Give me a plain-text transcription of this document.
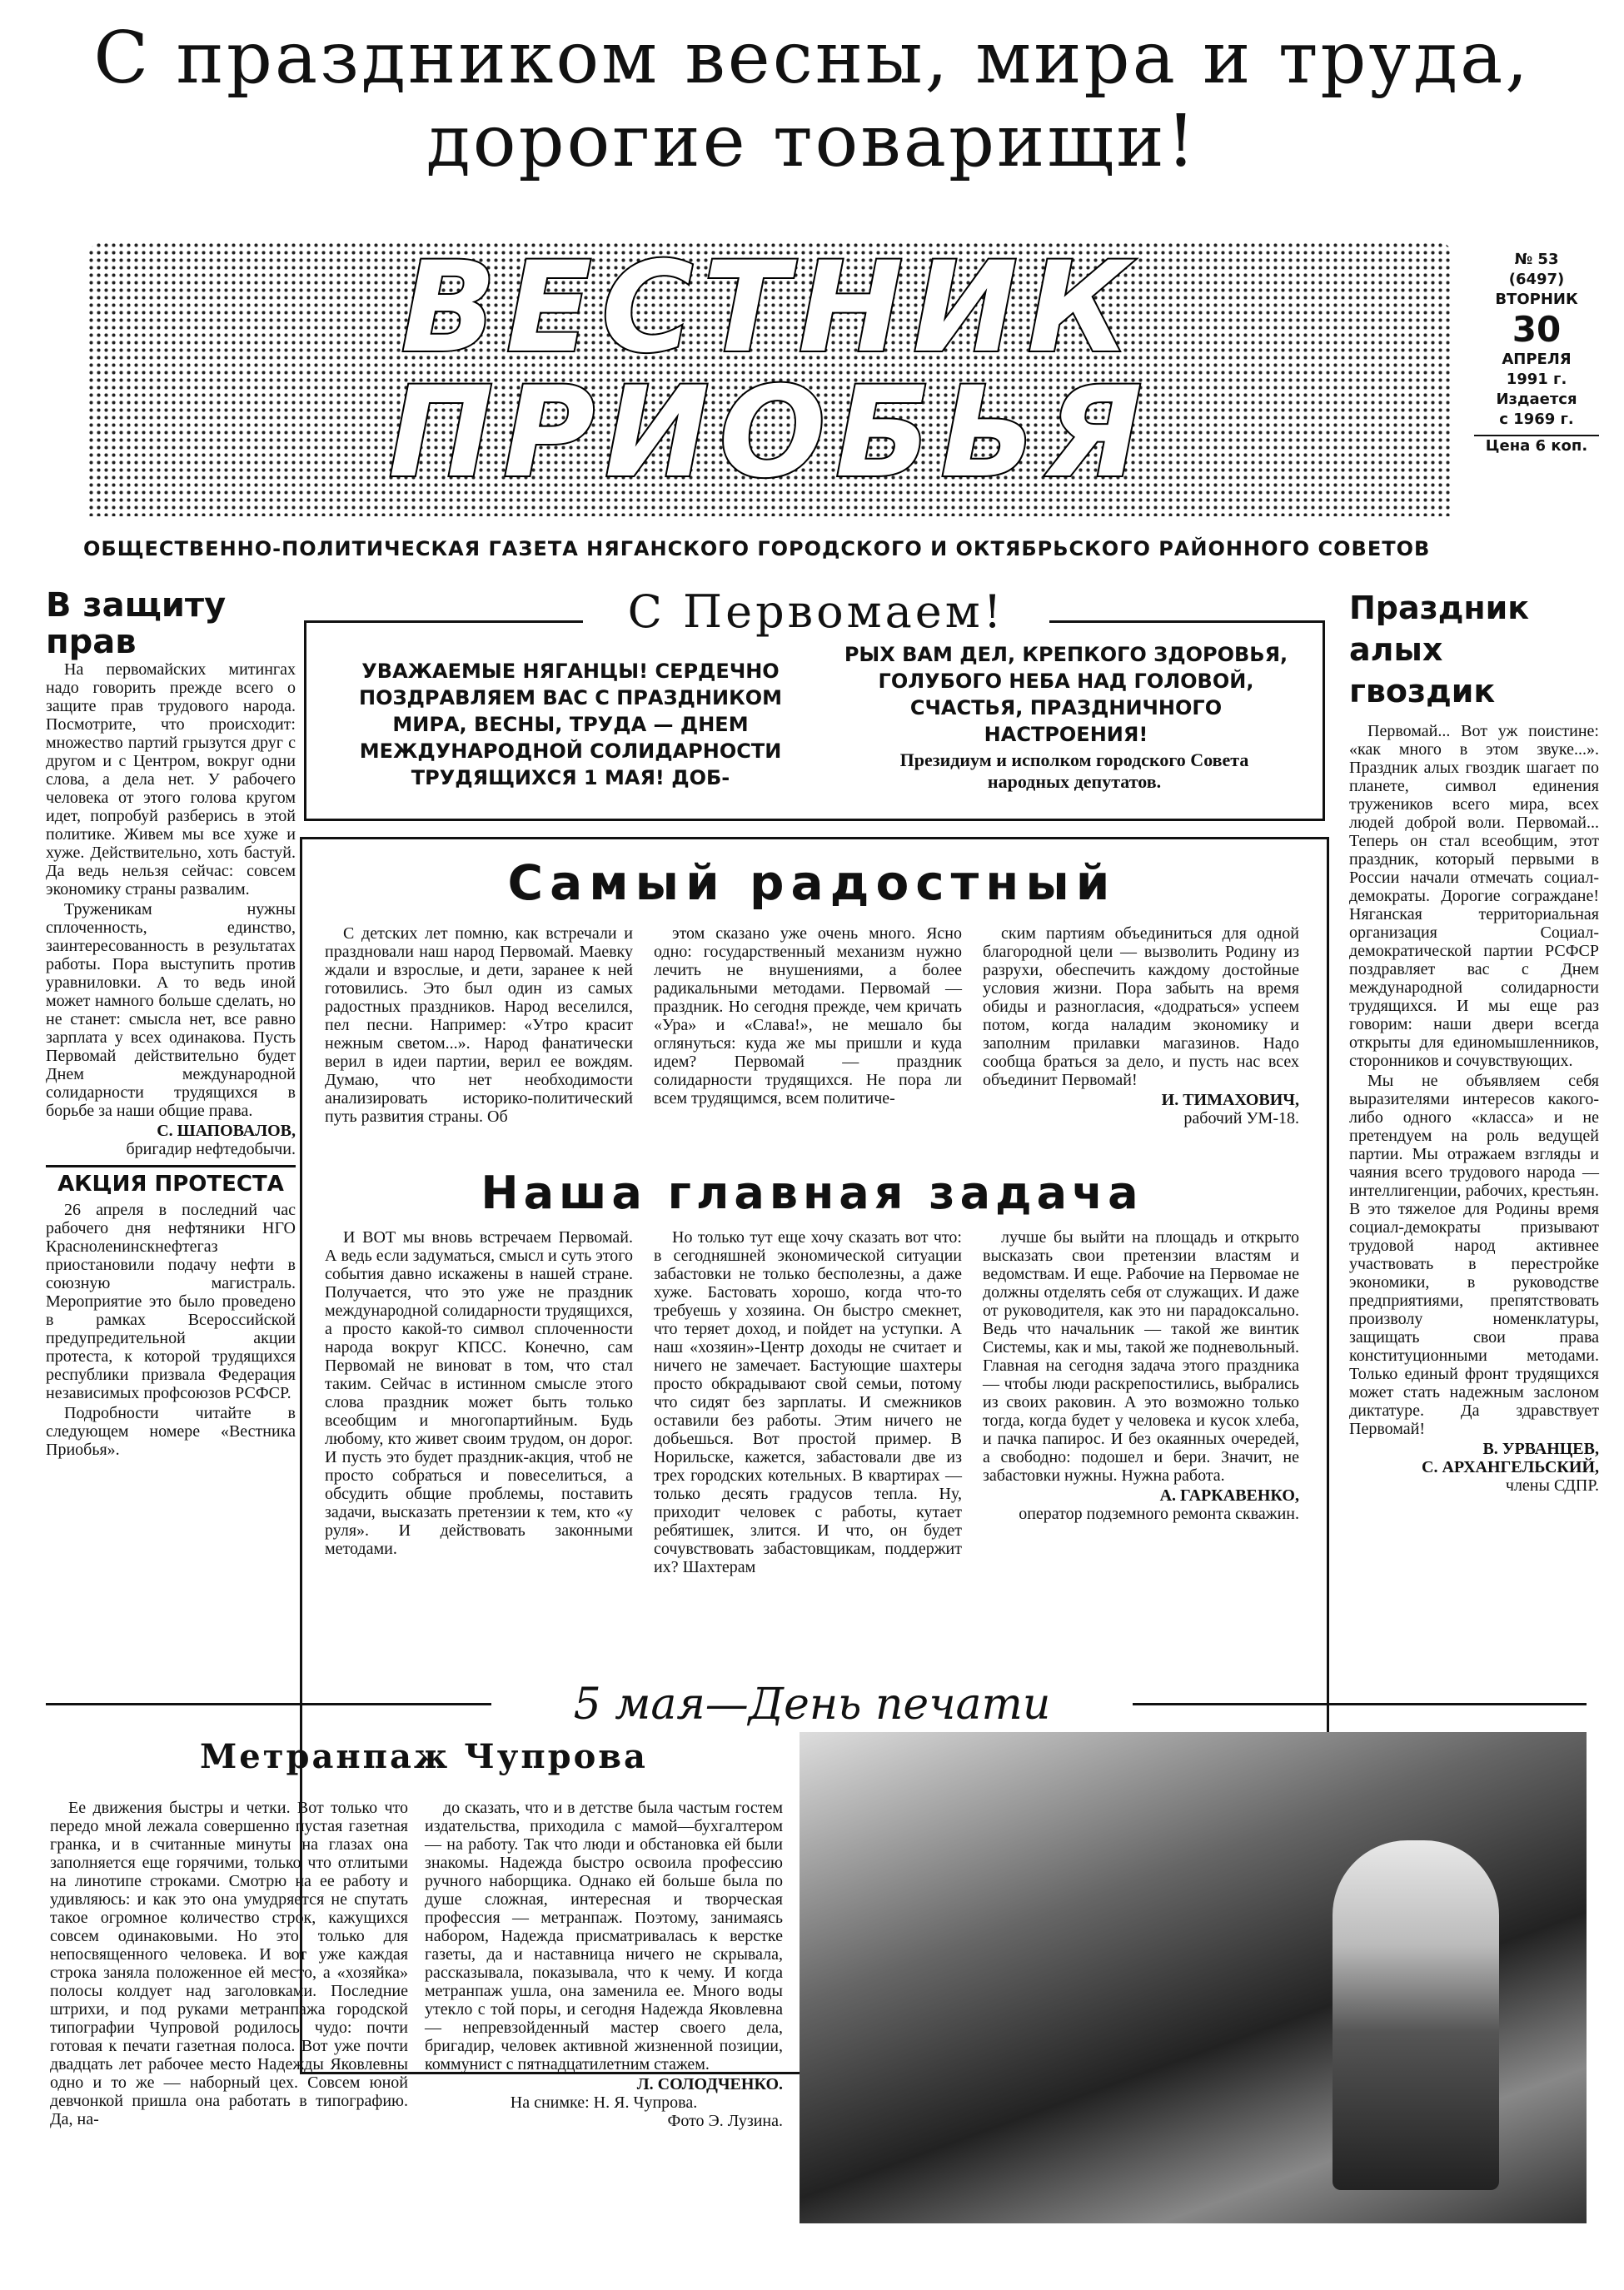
С праздником весны, мира и труда,
дорогие товарищи!
ВЕСТНИК
ПРИОБЬЯ
№ 53
(6497)
ВТОРНИК
30
АПРЕЛЯ
1991 г.
Издается
с 1969 г.
Цена 6 коп.
ОБЩЕСТВЕННО-ПОЛИТИЧЕСКАЯ ГАЗЕТА НЯГАНСКОГО ГОРОДСКОГО И ОКТЯБРЬСКОГО РАЙОННОГО СОВЕТОВ
В защиту прав

На первомайских митингах надо говорить прежде всего о защите прав трудового народа. Посмотрите, что происходит: множество партий грызутся друг с другом и с Центром, вокруг одни слова, а дела нет. У рабочего человека от этого голова кругом идет, попробуй разберись в этой политике. Живем мы все хуже и хуже. Действительно, хоть бастуй. Да ведь нельзя сейчас: совсем экономику страны развалим.

Труженикам нужны сплоченность, единство, заинтересованность в результатах работы. Пора выступить против уравниловки. А то ведь иной может намного больше сделать, но не станет: смысла нет, все равно зарплата у всех одинакова. Пусть Первомай действительно будет Днем международной солидарности трудящихся в борьбе за наши общие права.

С. ШАПОВАЛОВ,
бригадир нефтедобычи.
АКЦИЯ ПРОТЕСТА

26 апреля в последний час рабочего дня нефтяники НГО Красноленинскнефтегаз приостановили подачу нефти в союзную магистраль. Мероприятие это было проведено в рамках Всероссийской предупредительной акции протеста, к которой трудящихся республики призвала Федерация независимых профсоюзов РСФСР.

Подробности читайте в следующем номере «Вестника Приобья».

С Первомаем!
УВАЖАЕМЫЕ НЯГАНЦЫ! СЕРДЕЧНО ПОЗДРАВЛЯЕМ ВАС С ПРАЗДНИКОМ МИРА, ВЕСНЫ, ТРУДА — ДНЕМ МЕЖДУНАРОДНОЙ СОЛИДАРНОСТИ ТРУДЯЩИХСЯ 1 МАЯ! ДОБ-
РЫХ ВАМ ДЕЛ, КРЕПКОГО ЗДОРОВЬЯ, ГОЛУБОГО НЕБА НАД ГОЛОВОЙ, СЧАСТЬЯ, ПРАЗДНИЧНОГО НАСТРОЕНИЯ!
Президиум и исполком городского Совета народных депутатов.
Самый радостный

С детских лет помню, как встречали и праздновали наш народ Первомай. Маевку ждали и взрослые, и дети, заранее к ней готовились. Это был один из самых радостных праздников. Народ веселился, пел песни. Например: «Утро красит нежным светом...». Народ фанатически верил в идеи партии, верил ее вождям. Думаю, что нет необходимости анализировать историко-политический путь развития страны. Об

этом сказано уже очень много. Ясно одно: государственный механизм нужно лечить не внушениями, а более радикальными методами. Первомай — праздник. Но сегодня прежде, чем кричать «Ура» и «Слава!», не мешало бы оглянуться: куда же мы пришли и куда идем? Первомай — праздник солидарности трудящихся. Не пора ли всем трудящимся, всем политиче-

ским партиям объединиться для одной благородной цели — вызволить Родину из разрухи, обеспечить каждому достойные условия жизни. Пора забыть на время обиды и разногласия, «додраться» успеем потом, когда наладим экономику и заполним прилавки магазинов. Надо сообща браться за дело, и пусть нас всех объединит Первомай!

И. ТИМАХОВИЧ,
рабочий УМ-18.
Наша главная задача

И ВОТ мы вновь встречаем Первомай. А ведь если задуматься, смысл и суть этого события давно искажены в нашей стране. Получается, что это уже не праздник международной солидарности трудящихся, а просто какой-то символ сплоченности народа вокруг КПСС. Конечно, сам Первомай не виноват в том, что стал таким. Сейчас в истинном смысле этого слова праздник может быть только всеобщим и многопартийным. Будь любому, кто живет своим трудом, он дорог. И пусть это будет праздник-акция, чтоб не просто собраться и повеселиться, а обсудить общие проблемы, поставить задачи, высказать претензии к тем, кто «у руля». И действовать законными методами.

Но только тут еще хочу сказать вот что: в сегодняшней экономической ситуации забастовки не только бесполезны, а даже хуже. Бастовать хорошо, когда что-то требуешь у хозяина. Он быстро смекнет, что теряет доход, и пойдет на уступки. А наш «хозяин»-Центр доходы не считает и ничего не замечает. Бастующие шахтеры просто обкрадывают свой семьи, потому что сидят без зарплаты. И смежников оставили без работы. Этим ничего не добьешься. Вот простой пример. В Норильске, кажется, забастовали две из трех городских котельных. В квартирах — только десять градусов тепла. Ну, приходит человек с работы, кутает ребятишек, злится. И что, он будет сочувствовать забастовщикам, поддержит их? Шахтерам

лучше бы выйти на площадь и открыто высказать свои претензии властям и ведомствам. И еще. Рабочие на Первомае не должны отделять себя от служащих. И даже от руководителя, как это ни парадоксально. Ведь что начальник — такой же винтик Системы, как и мы, такой же подневольный. Главная на сегодня задача этого праздника — чтобы люди раскрепостились, выбрались из своих раковин. А это возможно только тогда, когда будет у человека и кусок хлеба, и пачка папирос. И без окаянных очередей, а свободно: подошел и бери. Значит, не забастовки нужны. Нужна работа.

А. ГАРКАВЕНКО,
оператор подземного ремонта скважин.
Праздник алых гвоздик

Первомай... Вот уж поистине: «как много в этом звуке...». Праздник алых гвоздик шагает по планете, символ единения тружеников всего мира, всех людей доброй воли. Первомай... Теперь он стал всеобщим, этот праздник, который первыми в России начали отмечать социал-демократы. Дорогие сограждане! Няганская территориальная организация Социал-демократической партии РСФСР поздравляет вас с Днем международной солидарности трудящихся. И мы еще раз говорим: наши двери всегда открыты для единомышленников, сторонников и сочувствующих.

Мы не объявляем себя выразителями интересов какого-либо одного «класса» и не претендуем на роль ведущей партии. Мы отражаем взгляды и чаяния всего трудового народа — интеллигенции, рабочих, крестьян. В это тяжелое для Родины время социал-демократы призывают трудовой народ активнее участвовать в перестройке экономики, в руководстве предприятиями, препятствовать произволу номенклатуры, защищать свои права конституционными методами. Только единый фронт трудящихся может стать надежным заслоном диктатуре. Да здравствует Первомай!

В. УРВАНЦЕВ,
С. АРХАНГЕЛЬСКИЙ,
члены СДПР.
5 мая—День печати
Метранпаж Чупрова

Ее движения быстры и четки. Вот только что передо мной лежала совершенно пустая газетная гранка, и в считанные минуты на глазах она заполняется еще горячими, только что отлитыми на линотипе строками. Смотрю на ее работу и удивляюсь: и как это она умудряется не спутать такое огромное количество строк, кажущихся совсем одинаковыми. Но это только для непосвященного человека. И вот уже каждая строка заняла положенное ей место, а «хозяйка» полосы колдует над заголовками. Последние штрихи, и под руками метранпажа городской типографии Чупровой родилось чудо: почти готовая к печати газетная полоса. Вот уже почти двадцать лет рабочее место Надежды Яковлевны одно и то же — наборный цех. Совсем юной девчонкой пришла она работать в типографию. Да, на-

до сказать, что и в детстве была частым гостем издательства, приходила с мамой—бухгалтером — на работу. Так что люди и обстановка ей были знакомы. Надежда быстро освоила профессию ручного наборщика. Однако ей больше была по душе сложная, интересная и творческая профессия — метранпаж. Поэтому, занимаясь набором, Надежда присматривалась к верстке газеты, да и наставница ничего не скрывала, рассказывала, показывала, что к чему. И когда метранпаж ушла, она заменила ее. Много воды утекло с той поры, и сегодня Надежда Яковлевна — непревзойденный мастер своего дела, бригадир, человек активной жизненной позиции, коммунист с пятнадцатилетним стажем.

Л. СОЛОДЧЕНКО.
На снимке: Н. Я. Чупрова.
Фото Э. Лузина.
